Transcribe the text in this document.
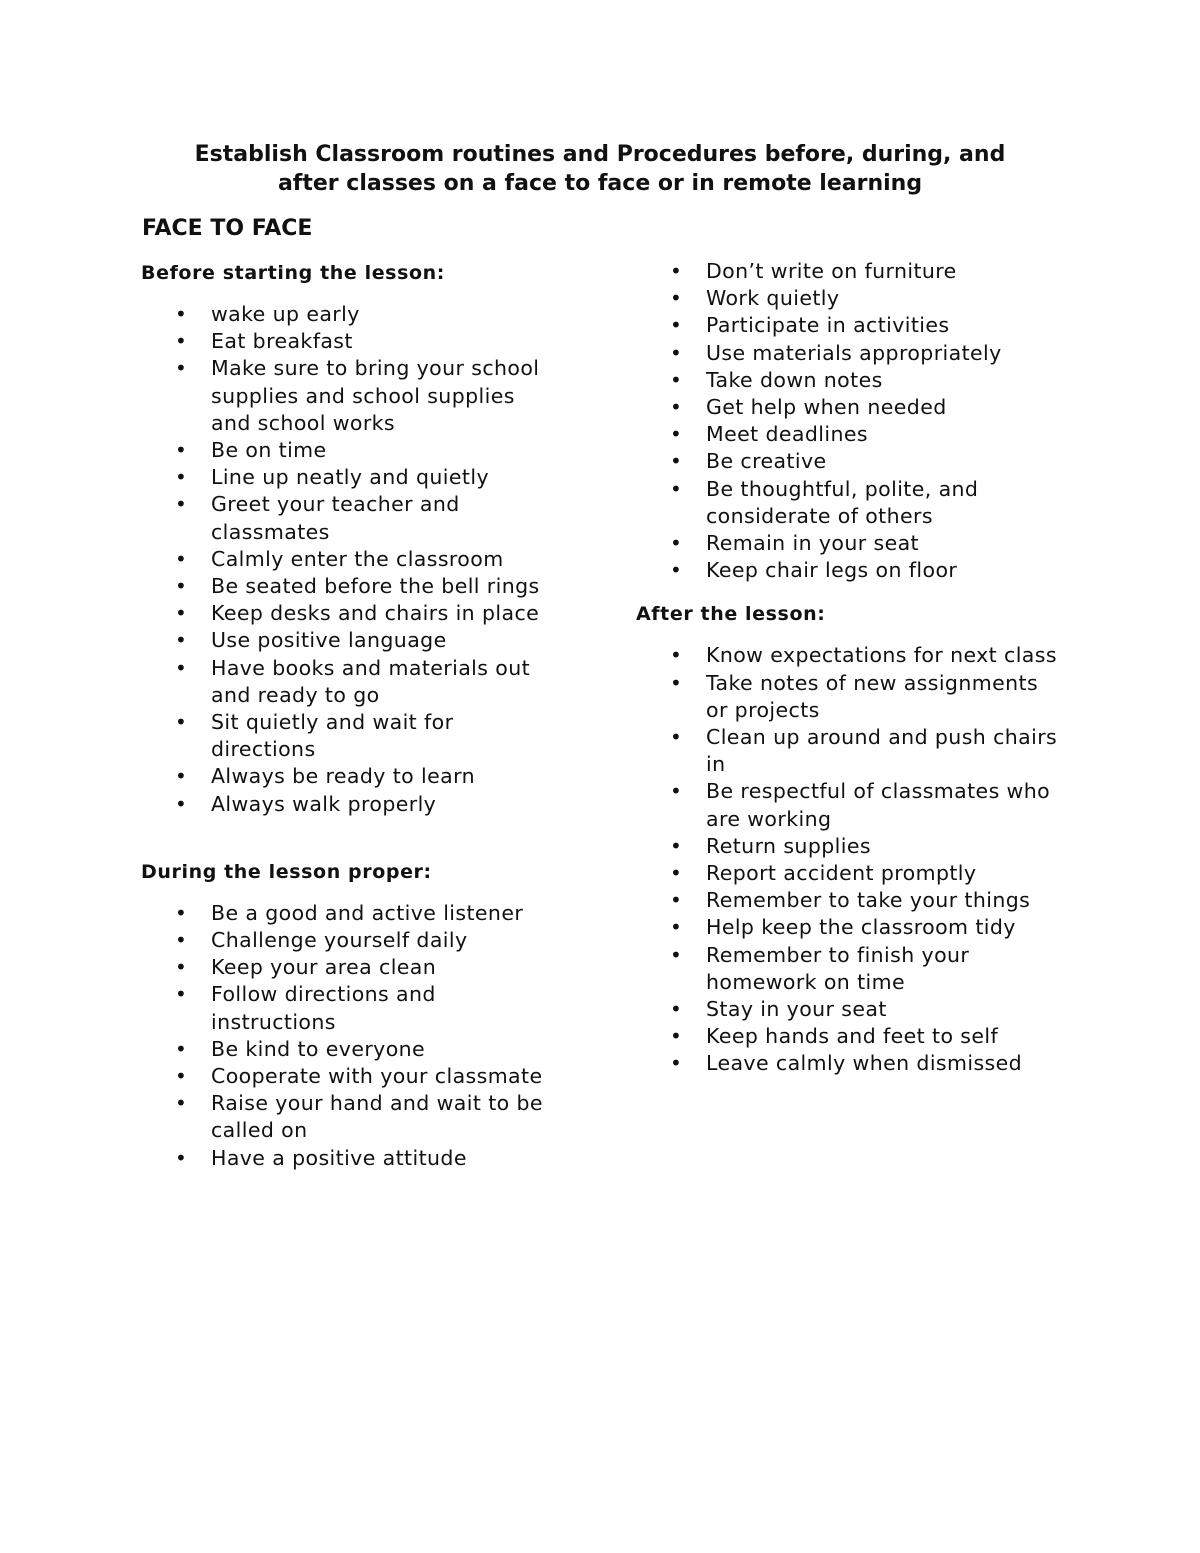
Establish Classroom routines and Procedures before, during, and
after classes on a face to face or in remote learning
FACE TO FACE
Before starting the lesson:
• wake up early
• Eat breakfast
• Make sure to bring your school supplies and school supplies and school works
• Be on time
• Line up neatly and quietly
• Greet your teacher and classmates
• Calmly enter the classroom
• Be seated before the bell rings
• Keep desks and chairs in place
• Use positive language
• Have books and materials out and ready to go
• Sit quietly and wait for directions
• Always be ready to learn
• Always walk properly
During the lesson proper:
• Be a good and active listener
• Challenge yourself daily
• Keep your area clean
• Follow directions and instructions
• Be kind to everyone
• Cooperate with your classmate
• Raise your hand and wait to be called on
• Have a positive attitude
• Don’t write on furniture
• Work quietly
• Participate in activities
• Use materials appropriately
• Take down notes
• Get help when needed
• Meet deadlines
• Be creative
• Be thoughtful, polite, and considerate of others
• Remain in your seat
• Keep chair legs on floor
After the lesson:
• Know expectations for next class
• Take notes of new assignments or projects
• Clean up around and push chairs in
• Be respectful of classmates who are working
• Return supplies
• Report accident promptly
• Remember to take your things
• Help keep the classroom tidy
• Remember to finish your homework on time
• Stay in your seat
• Keep hands and feet to self
• Leave calmly when dismissed
